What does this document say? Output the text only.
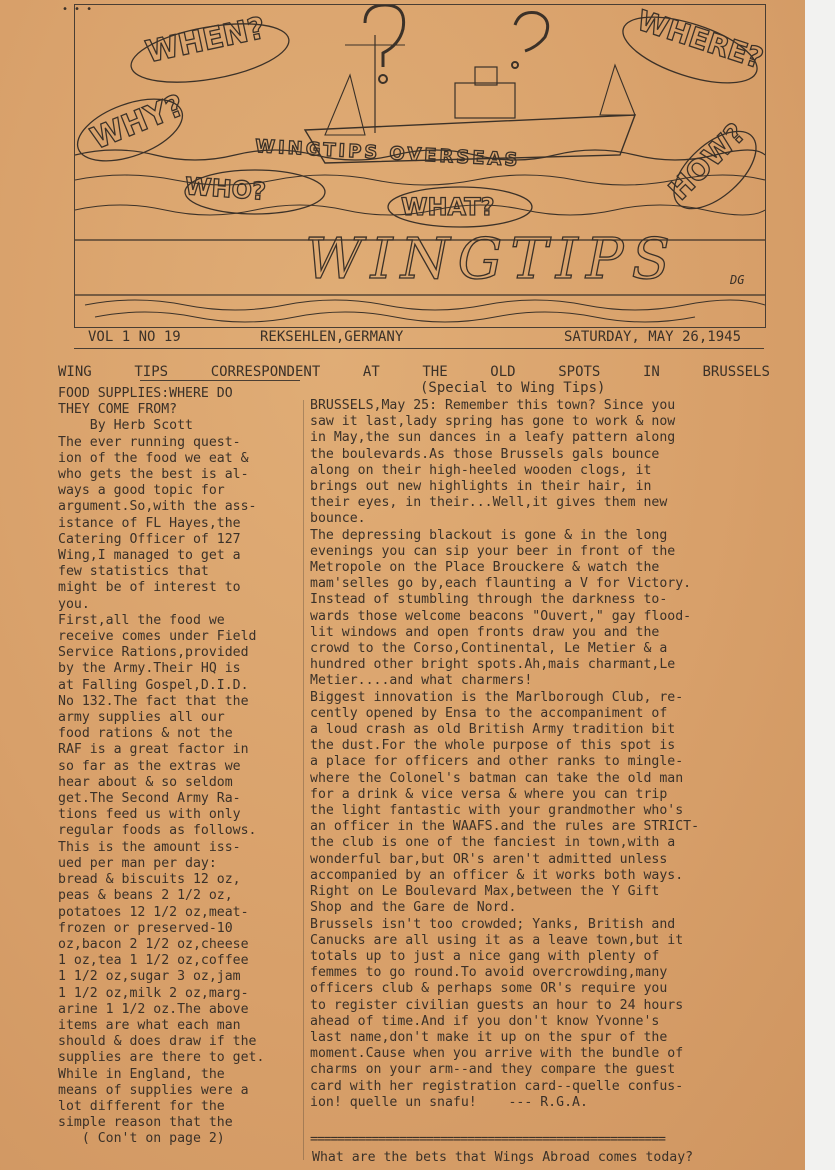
• • •
WHEN?	WHERE?
WHY?	HOW?
WHO?
WHAT?
WINGTIPS OVERSEAS
WINGTIPS	DG
VOL 1 NO 19	REKSEHLEN,GERMANY	SATURDAY, MAY 26,1945
WING	TIPS	CORRESPONDENT	AT	THE	OLD	SPOTS	IN	BRUSSELS
(Special to Wing Tips)
FOOD SUPPLIES:WHERE DO
THEY COME FROM?
By Herb Scott
The ever running quest-
ion of the food we eat &
who gets the best is al-
ways a good topic for
argument.So,with the ass-
istance of FL Hayes,the
Catering Officer of 127
Wing,I managed to get a
few statistics that
might be of interest to
you.
First,all the food we
receive comes under Field
Service Rations,provided
by the Army.Their HQ is
at Falling Gospel,D.I.D.
No 132.The fact that the
army supplies all our
food rations & not the
RAF is a great factor in
so far as the extras we
hear about & so seldom
get.The Second Army Ra-
tions feed us with only
regular foods as follows.
This is the amount iss-
ued per man per day:
bread & biscuits 12 oz,
peas & beans 2 1/2 oz,
potatoes 12 1/2 oz,meat-
frozen or preserved-10
oz,bacon 2 1/2 oz,cheese
1 oz,tea 1 1/2 oz,coffee
1 1/2 oz,sugar 3 oz,jam
1 1/2 oz,milk 2 oz,marg-
arine 1 1/2 oz.The above
items are what each man
should & does draw if the
supplies are there to get.
While in England, the
means of supplies were a
lot different for the
simple reason that the
( Con't on page 2)
BRUSSELS,May 25: Remember this town? Since you
saw it last,lady spring has gone to work & now
in May,the sun dances in a leafy pattern along
the boulevards.As those Brussels gals bounce
along on their high-heeled wooden clogs, it
brings out new highlights in their hair, in
their eyes, in their...Well,it gives them new
bounce.
The depressing blackout is gone & in the long
evenings you can sip your beer in front of the
Metropole on the Place Brouckere & watch the
mam'selles go by,each flaunting a V for Victory.
Instead of stumbling through the darkness to-
wards those welcome beacons "Ouvert," gay flood-
lit windows and open fronts draw you and the
crowd to the Corso,Continental, Le Metier & a
hundred other bright spots.Ah,mais charmant,Le
Metier....and what charmers!
Biggest innovation is the Marlborough Club, re-
cently opened by Ensa to the accompaniment of
a loud crash as old British Army tradition bit
the dust.For the whole purpose of this spot is
a place for officers and other ranks to mingle-
where the Colonel's batman can take the old man
for a drink & vice versa & where you can trip
the light fantastic with your grandmother who's
an officer in the WAAFS.and the rules are STRICT-
the club is one of the fanciest in town,with a
wonderful bar,but OR's aren't admitted unless
accompanied by an officer & it works both ways.
Right on Le Boulevard Max,between the Y Gift
Shop and the Gare de Nord.
Brussels isn't too crowded; Yanks, British and
Canucks are all using it as a leave town,but it
totals up to just a nice gang with plenty of
femmes to go round.To avoid overcrowding,many
officers club & perhaps some OR's require you
to register civilian guests an hour to 24 hours
ahead of time.And if you don't know Yvonne's
last name,don't make it up on the spur of the
moment.Cause when you arrive with the bundle of
charms on your arm--and they compare the guest
card with her registration card--quelle confus-
ion! quelle un snafu!    --- R.G.A.
====================================================
What are the bets that Wings Abroad comes today?
